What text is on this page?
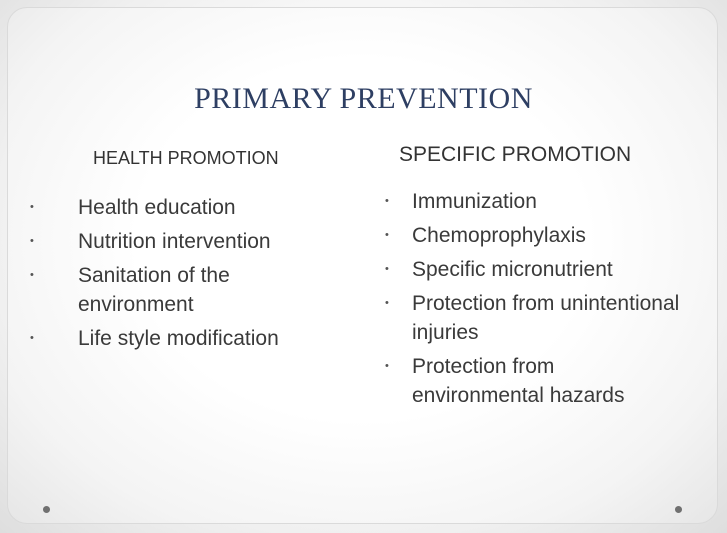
PRIMARY PREVENTION
HEALTH PROMOTION	SPECIFIC PROMOTION
• Health education
• Nutrition intervention
• Sanitation of the environment
• Life style modification
• Immunization
• Chemoprophylaxis
• Specific micronutrient
• Protection from unintentional injuries
• Protection from environmental hazards
